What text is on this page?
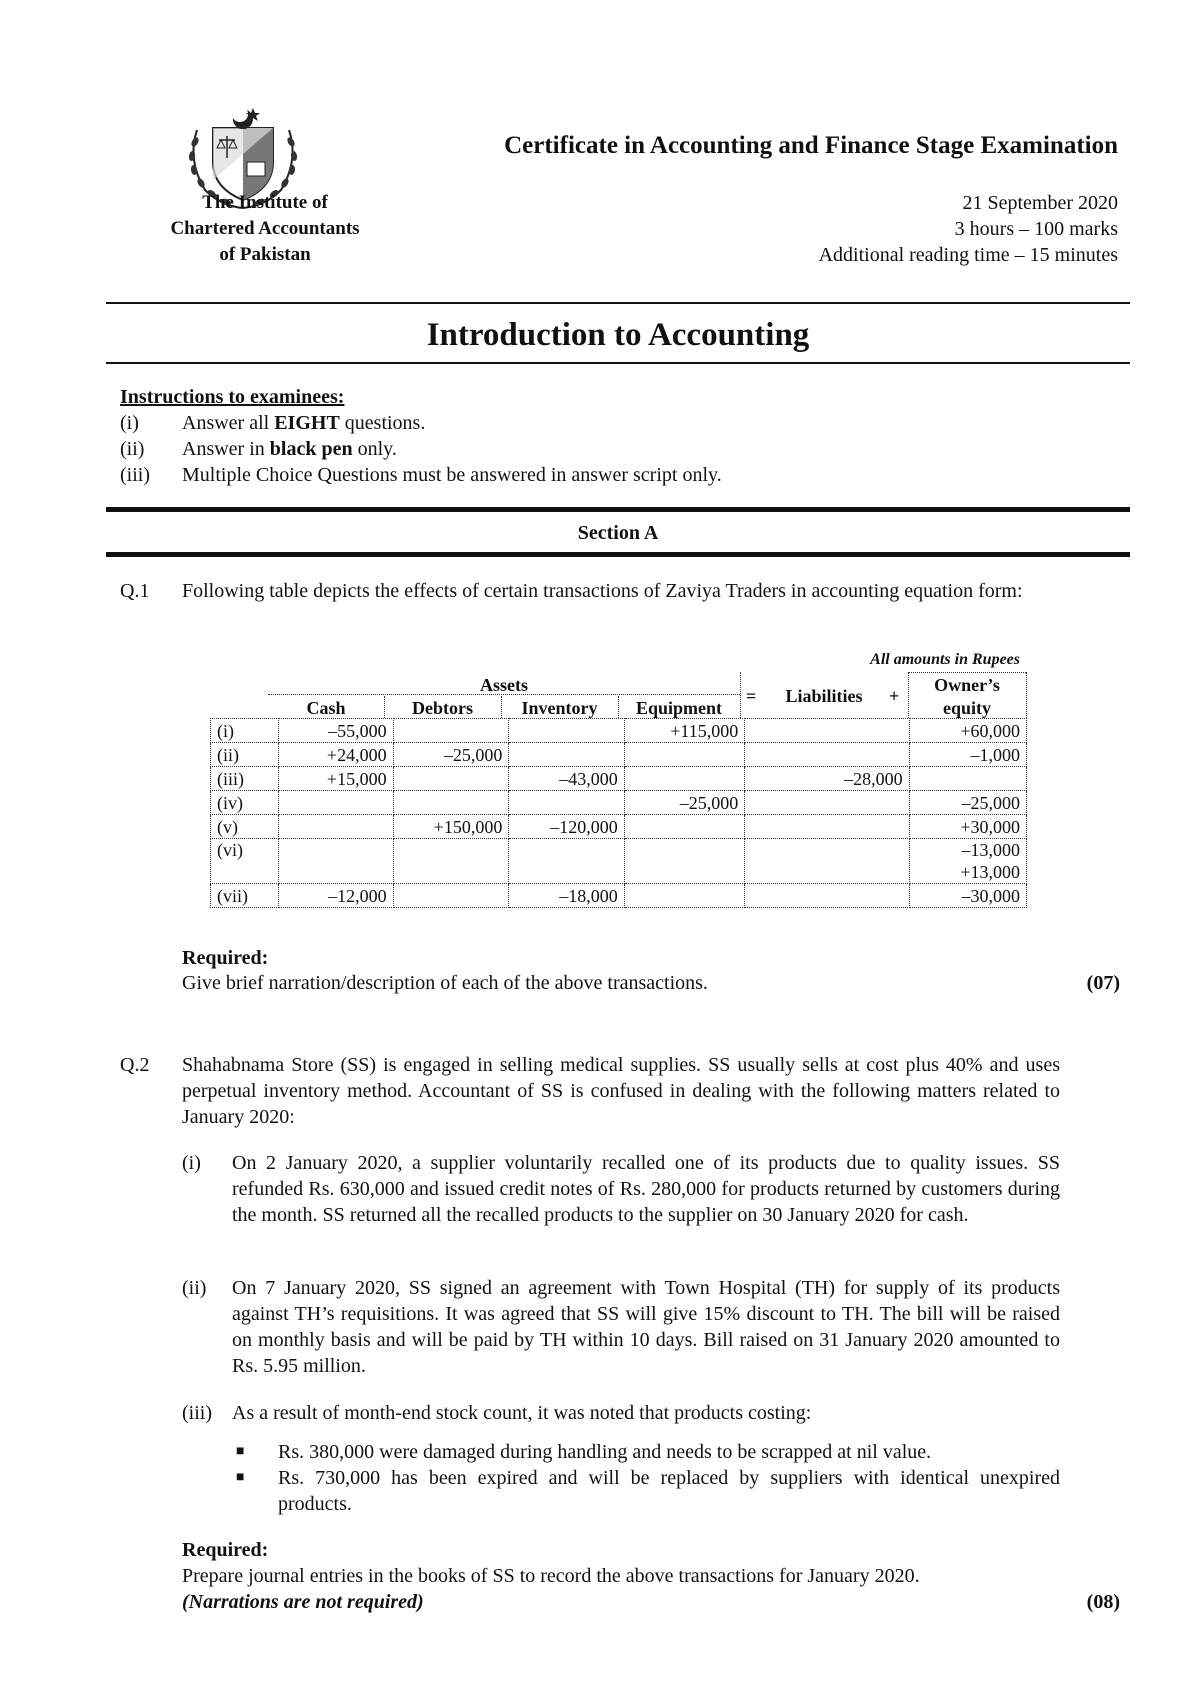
The Institute of
Chartered Accountants
of Pakistan
Certificate in Accounting and Finance Stage Examination
21 September 2020
3 hours – 100 marks
Additional reading time – 15 minutes
Introduction to Accounting
Instructions to examinees:
(i) Answer all EIGHT questions.
(ii) Answer in black pen only.
(iii) Multiple Choice Questions must be answered in answer script only.
Section A
Q.1 Following table depicts the effects of certain transactions of Zaviya Traders in accounting equation form:
All amounts in Rupees
Assets
Cash	Debtors	Inventory	Equipment
=	Liabilities	+
Owner’s
equity
(i)	–55,000			+115,000		+60,000
(ii)	+24,000	–25,000				–1,000
(iii)	+15,000		–43,000		–28,000	
(iv)				–25,000		–25,000
(v)		+150,000	–120,000			+30,000
(vi)						–13,000
+13,000

(vii)	–12,000		–18,000			–30,000
Required:
Give brief narration/description of each of the above transactions.	(07)
Q.2 Shahabnama Store (SS) is engaged in selling medical supplies. SS usually sells at cost plus 40% and uses perpetual inventory method. Accountant of SS is confused in dealing with the following matters related to January 2020:
(i) On 2 January 2020, a supplier voluntarily recalled one of its products due to quality issues. SS refunded Rs. 630,000 and issued credit notes of Rs. 280,000 for products returned by customers during the month. SS returned all the recalled products to the supplier on 30 January 2020 for cash.
(ii) On 7 January 2020, SS signed an agreement with Town Hospital (TH) for supply of its products against TH’s requisitions. It was agreed that SS will give 15% discount to TH. The bill will be raised on monthly basis and will be paid by TH within 10 days. Bill raised on 31 January 2020 amounted to Rs. 5.95 million.
(iii) As a result of month-end stock count, it was noted that products costing:
■ Rs. 380,000 were damaged during handling and needs to be scrapped at nil value.
■ Rs. 730,000 has been expired and will be replaced by suppliers with identical unexpired products.
Required:
Prepare journal entries in the books of SS to record the above transactions for January 2020.
(Narrations are not required)	(08)
